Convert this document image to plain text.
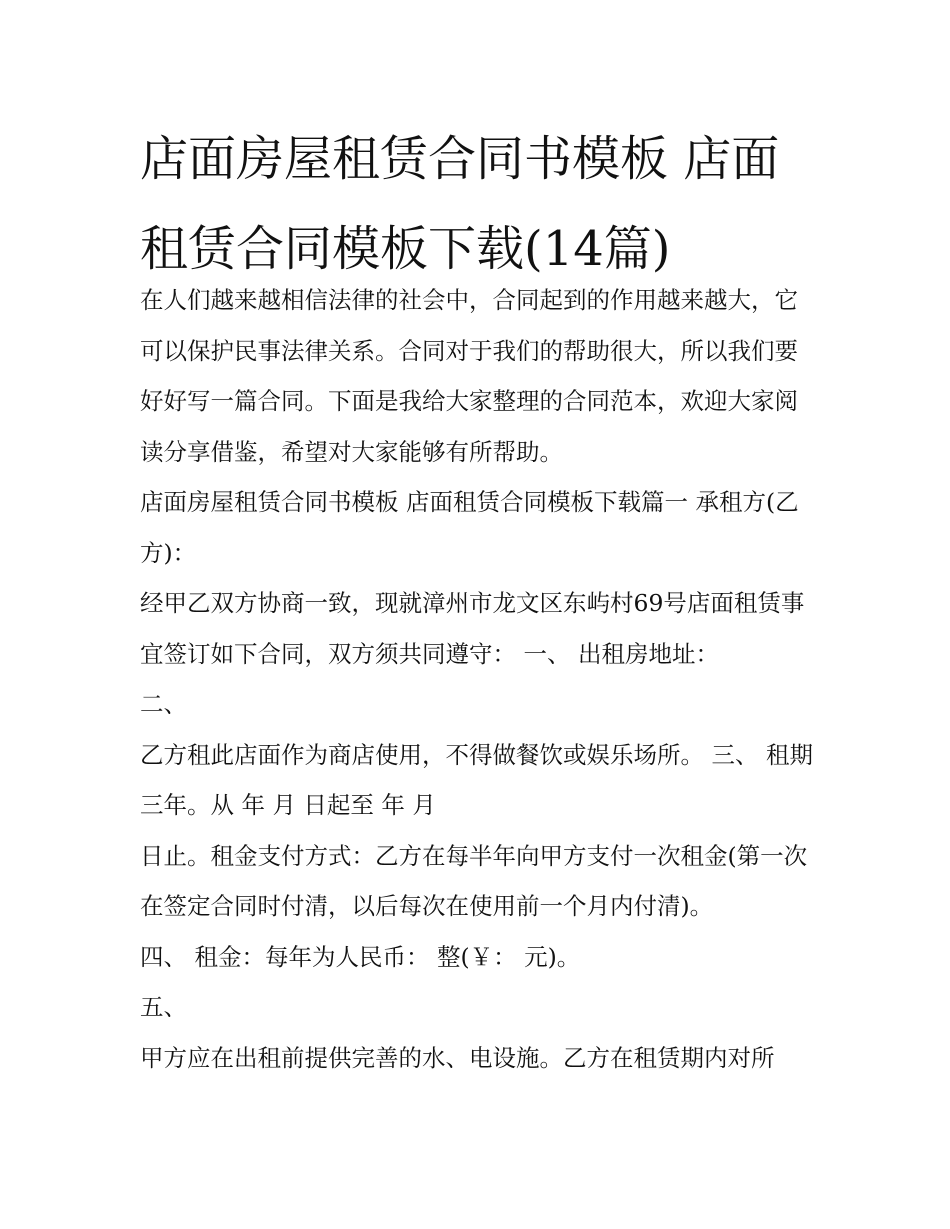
店面房屋租赁合同书模板 店面租赁合同模板下载(14篇)

在人们越来越相信法律的社会中，合同起到的作用越来越大，它可以保护民事法律关系。合同对于我们的帮助很大，所以我们要好好写一篇合同。下面是我给大家整理的合同范本，欢迎大家阅读分享借鉴，希望对大家能够有所帮助。

店面房屋租赁合同书模板 店面租赁合同模板下载篇一 承租方(乙方)：

经甲乙双方协商一致，现就漳州市龙文区东屿村69号店面租赁事宜签订如下合同，双方须共同遵守： 一、 出租房地址：

二、

乙方租此店面作为商店使用，不得做餐饮或娱乐场所。 三、 租期三年。从 年 月 日起至 年 月

日止。租金支付方式：乙方在每半年向甲方支付一次租金(第一次在签定合同时付清，以后每次在使用前一个月内付清)。

四、 租金：每年为人民币： 整(￥： 元)。

五、

甲方应在出租前提供完善的水、电设施。乙方在租赁期内对所
